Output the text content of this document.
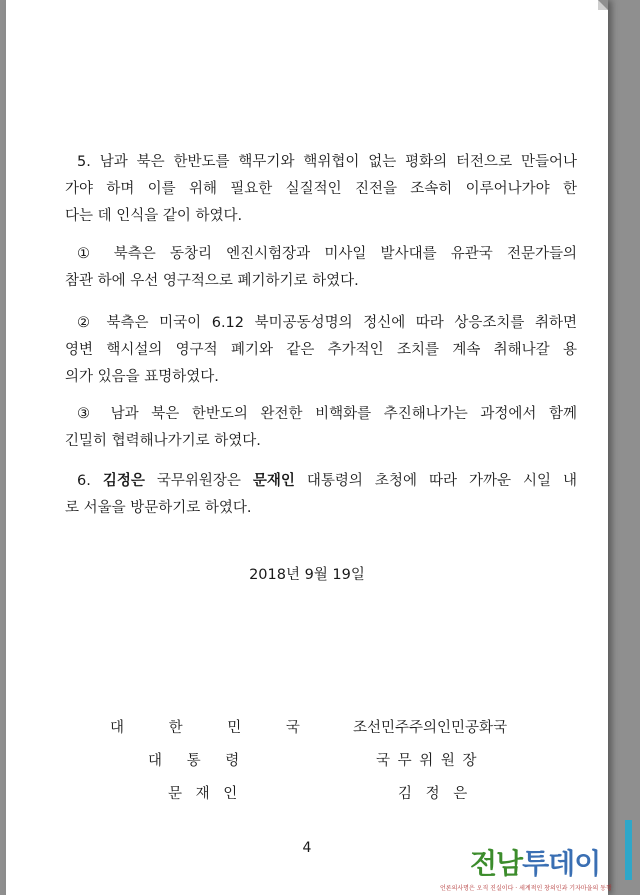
5. 남과 북은 한반도를 핵무기와 핵위협이 없는 평화의 터전으로 만들어나
가야 하며 이를 위해 필요한 실질적인 진전을 조속히 이루어나가야 한
다는 데 인식을 같이 하였다.
① 북측은 동창리 엔진시험장과 미사일 발사대를 유관국 전문가들의
참관 하에 우선 영구적으로 폐기하기로 하였다.
② 북측은 미국이 6.12 북미공동성명의 정신에 따라 상응조치를 취하면
영변 핵시설의 영구적 폐기와 같은 추가적인 조치를 계속 취해나갈 용
의가 있음을 표명하였다.
③ 남과 북은 한반도의 완전한 비핵화를 추진해나가는 과정에서 함께
긴밀히 협력해나가기로 하였다.
6. 김정은 국무위원장은 문재인 대통령의 초청에 따라 가까운 시일 내
로 서울을 방문하기로 하였다.
2018년 9월 19일
대 한 민 국
대 통 령
문 재 인
조선민주주의인민공화국
국 무 위 원 장
김 정 은
4	전남투데이
언론의사명은 오직 진실이다 · 세계적인 창의인과 기자마을의 동행
